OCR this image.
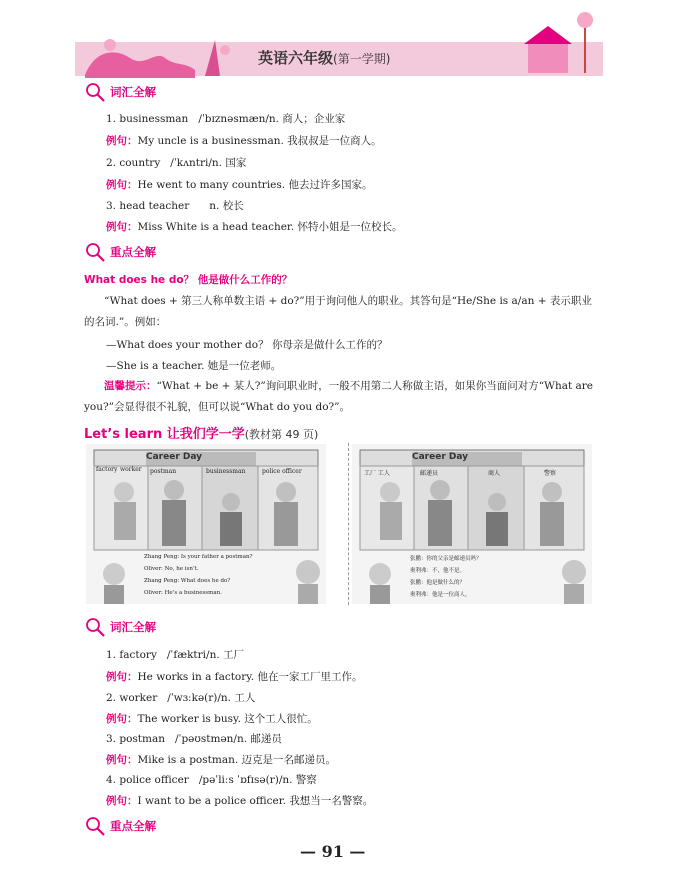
英语六年级(第一学期)
词汇全解
1. businessman /ˈbɪznəsmæn/n. 商人；企业家
例句：My uncle is a businessman. 我叔叔是一位商人。
2. country /ˈkʌntri/n. 国家
例句：He went to many countries. 他去过许多国家。
3. head teacher n. 校长
例句：Miss White is a head teacher. 怀特小姐是一位校长。
重点全解
What does he do？ 他是做什么工作的？
“What does + 第三人称单数主语 + do?”用于询问他人的职业。其答句是“He/She is a/an + 表示职业的名词.”。例如：
—What does your mother do？ 你母亲是做什么工作的？
—She is a teacher. 她是一位老师。
温馨提示：“What + be + 某人?”询问职业时，一般不用第二人称做主语，如果你当面问对方“What are you?”会显得很不礼貌，但可以说“What do you do?”。
Let’s learn 让我们学一学(教材第 49 页)
Career Day
factory worker postman	businessman	police officer
Zhang Peng: Is your father a postman?
Oliver: No, he isn’t.
Zhang Peng: What does he do?
Oliver: He’s a businessman.
Career Day
工厂 工人	邮递员	商人	警察
张鹏：你的父亲是邮递员吗？
奥利弗：不，他不是。
张鹏：他是做什么的？
奥利弗：他是一位商人。
词汇全解
1. factory /ˈfæktri/n. 工厂
例句：He works in a factory. 他在一家工厂里工作。
2. worker /ˈwɜːkə(r)/n. 工人
例句：The worker is busy. 这个工人很忙。
3. postman /ˈpəʊstmən/n. 邮递员
例句：Mike is a postman. 迈克是一名邮递员。
4. police officer /pəˈliːs ˈɒfɪsə(r)/n. 警察
例句：I want to be a police officer. 我想当一名警察。
重点全解
— 91 —
